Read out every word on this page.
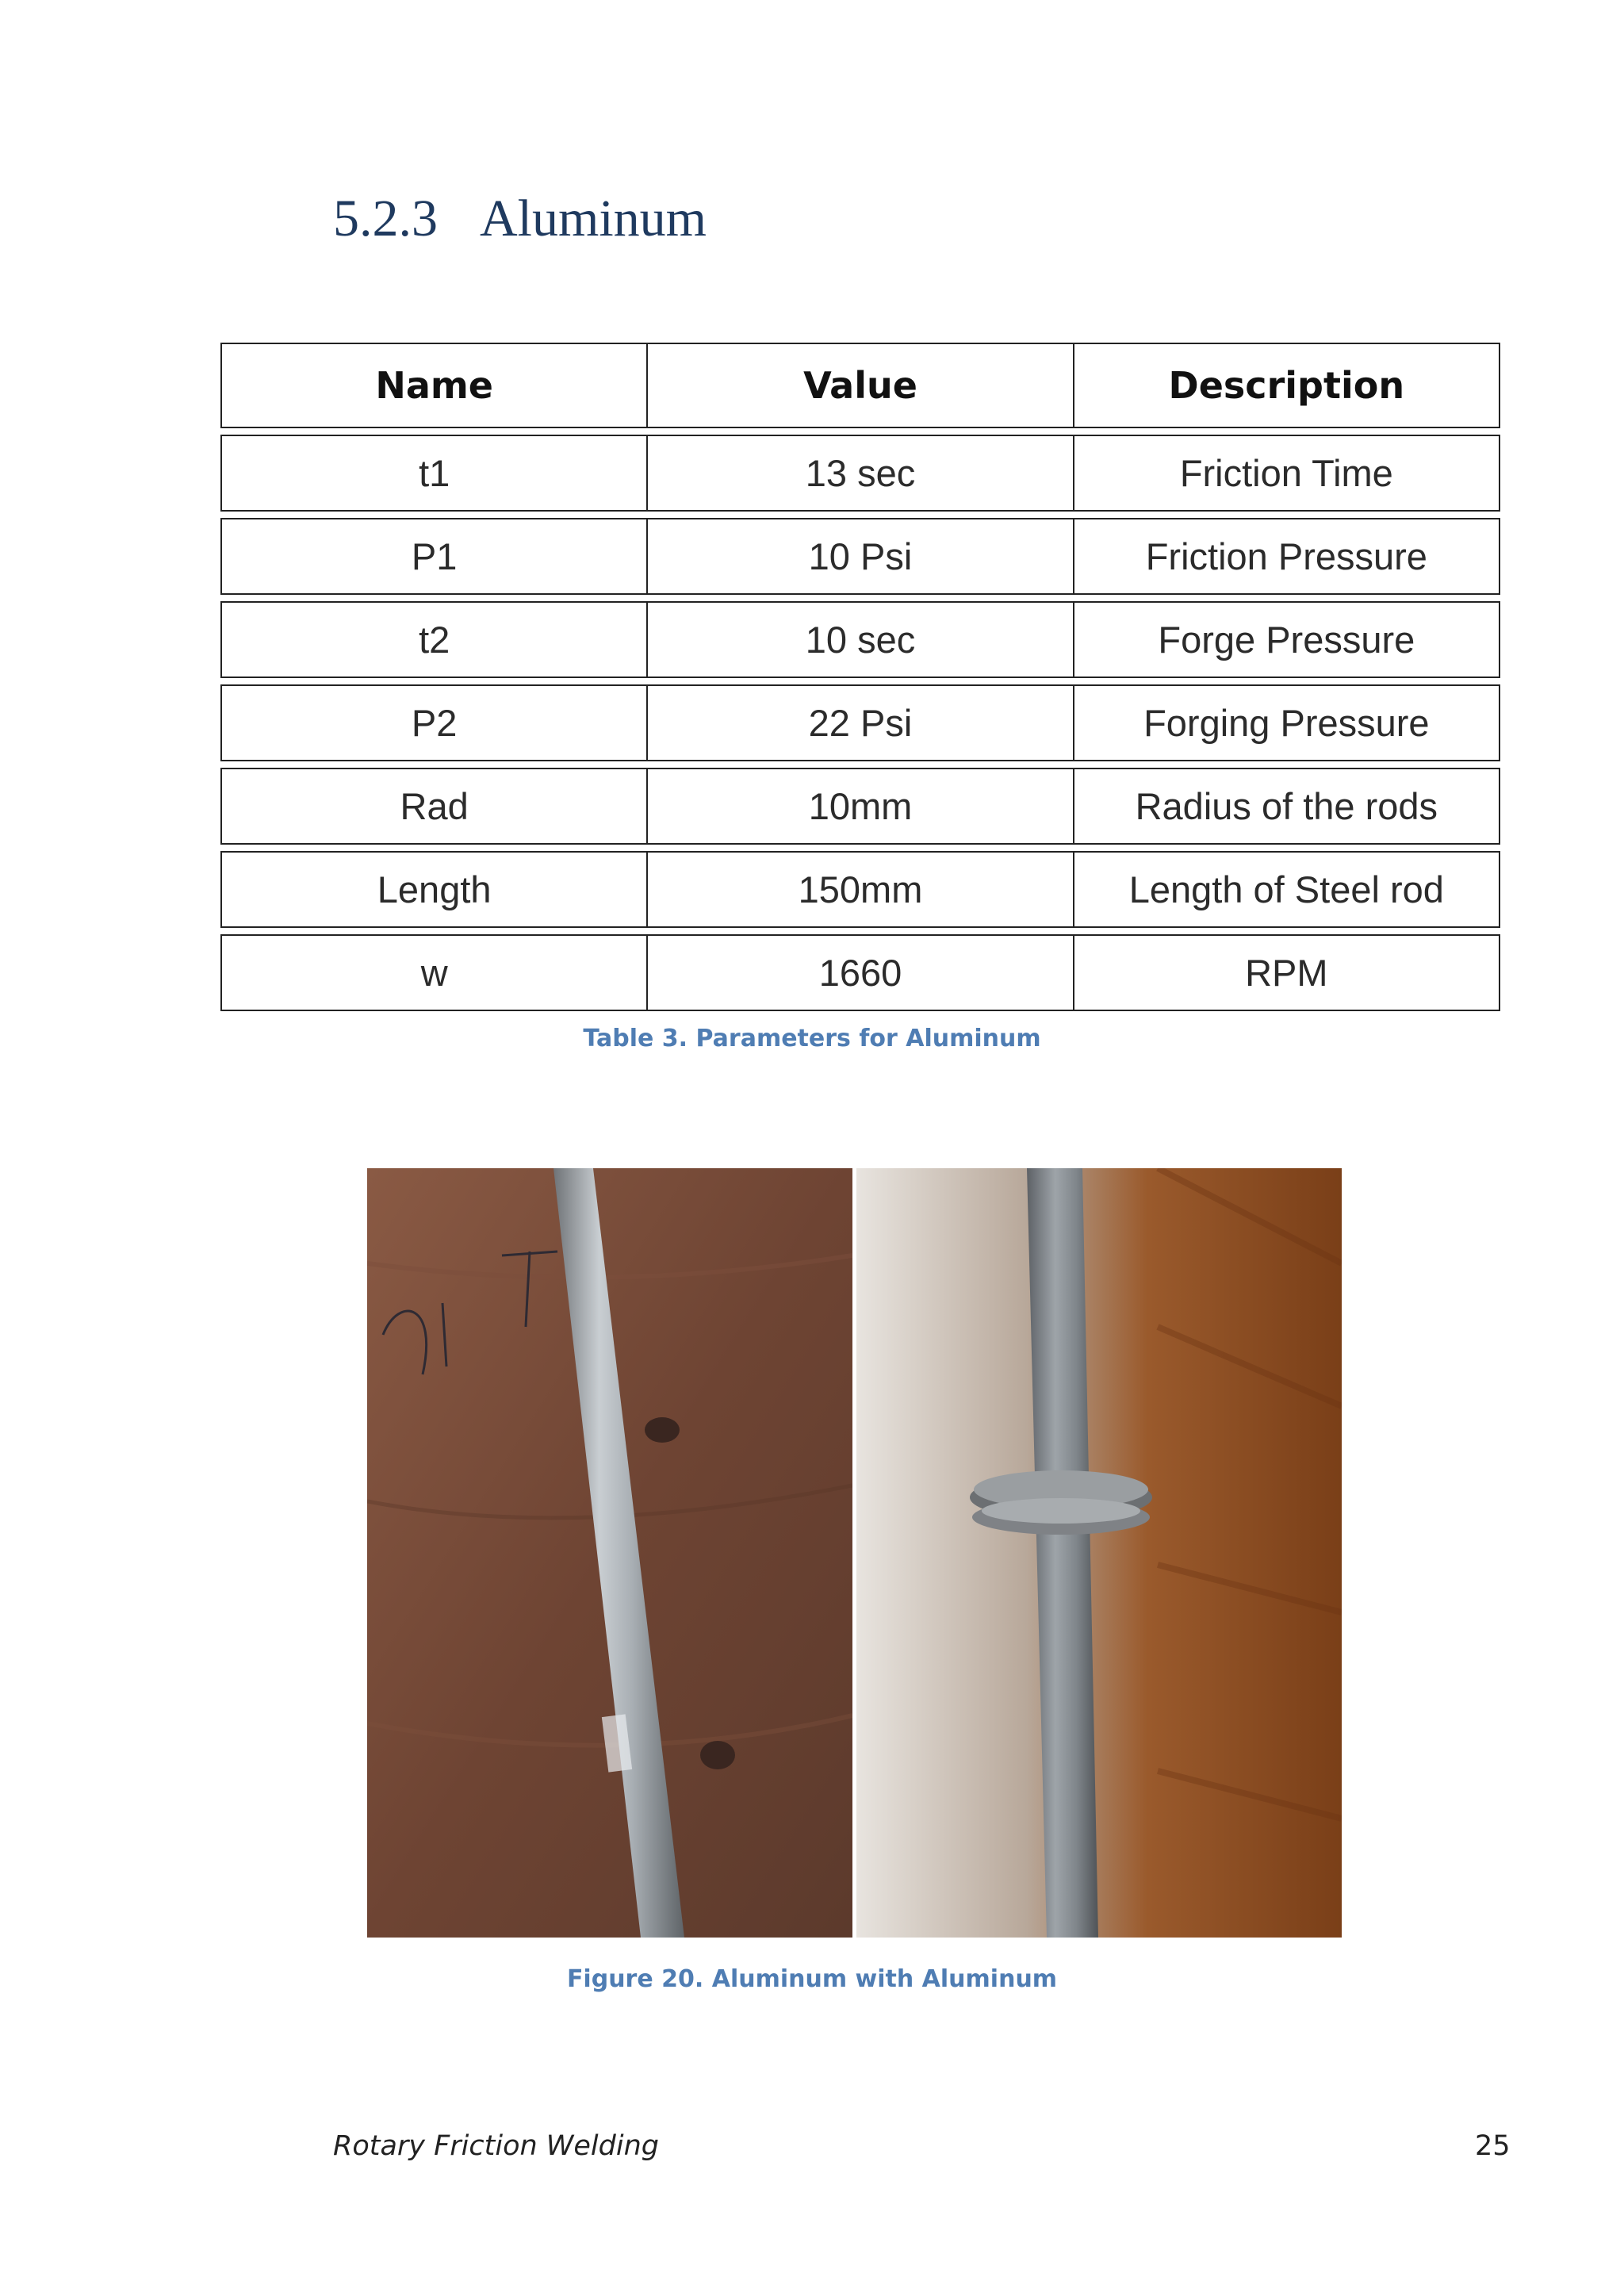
5.2.3 Aluminum
Name	Value	Description
t1	13 sec	Friction Time
P1	10 Psi	Friction Pressure
t2	10 sec	Forge Pressure
P2	22 Psi	Forging Pressure
Rad	10mm	Radius of the rods
Length	150mm	Length of Steel rod
w	1660	RPM

Table 3. Parameters for Aluminum

Figure 20. Aluminum with Aluminum

Rotary Friction Welding	25
